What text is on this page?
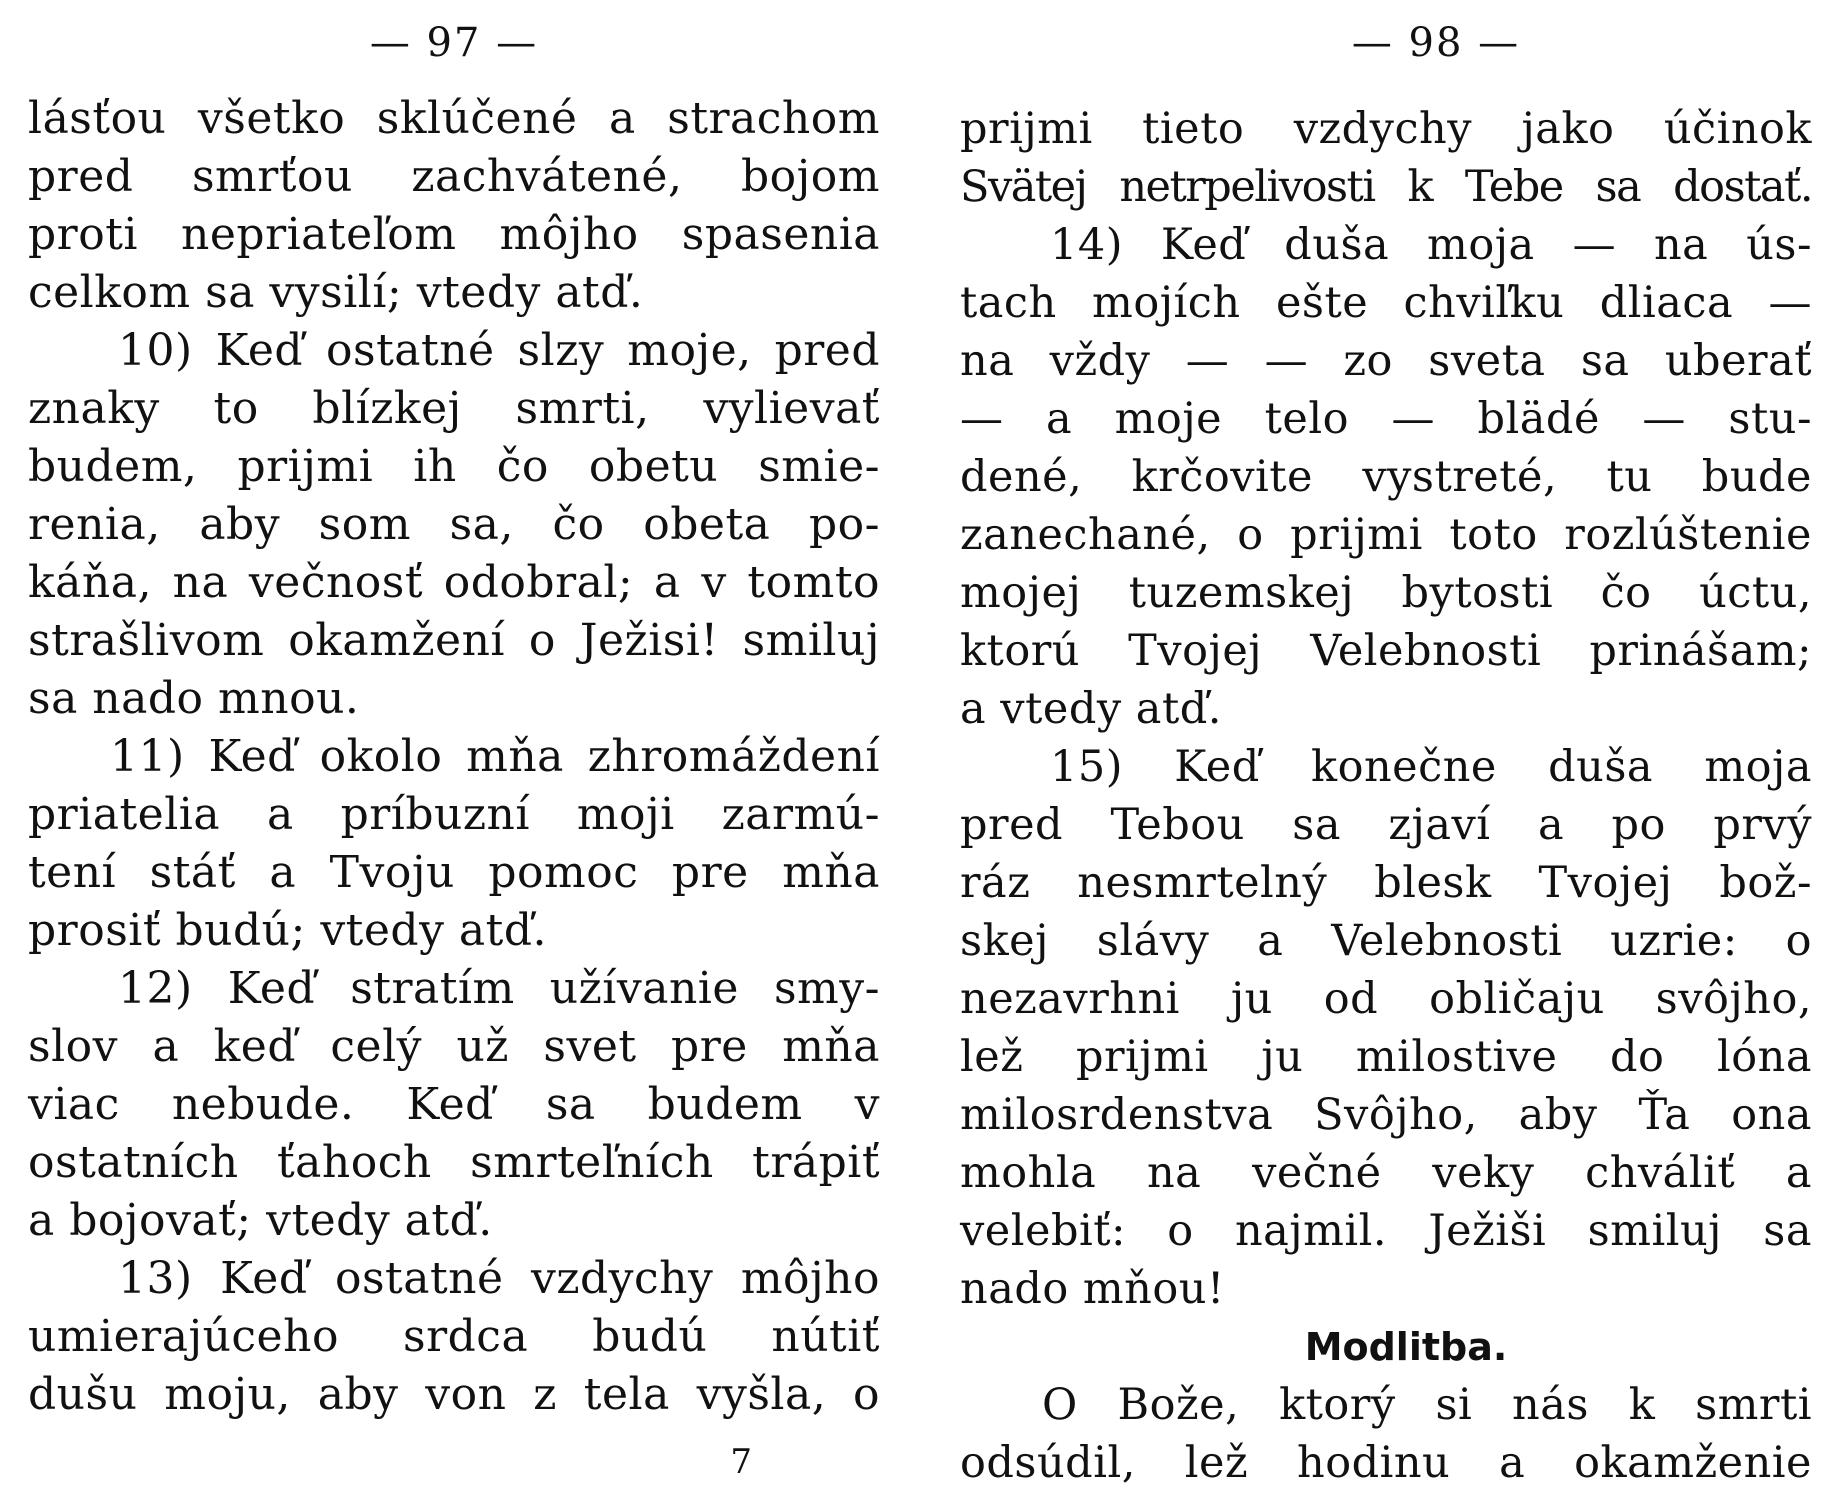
— 97 —
lásťou všetko sklúčené a strachom
pred smrťou zachvátené, bojom
proti nepriateľom môjho spasenia
celkom sa vysilí; vtedy atď.
10) Keď ostatné slzy moje, pred
znaky to blízkej smrti, vylievať
budem, prijmi ih čo obetu smie-
renia, aby som sa, čo obeta po-
káňa, na večnosť odobral; a v tomto
strašlivom okamžení o Ježisi! smiluj
sa nado mnou.
11) Keď okolo mňa zhromáždení
priatelia a príbuzní moji zarmú-
tení stáť a Tvoju pomoc pre mňa
prosiť budú; vtedy atď.
12) Keď stratím užívanie smy-
slov a keď celý už svet pre mňa
viac nebude. Keď sa budem v
ostatních ťahoch smrteľních trápiť
a bojovať; vtedy atď.
13) Keď ostatné vzdychy môjho
umierajúceho srdca budú nútiť
dušu moju, aby von z tela vyšla, o
7
— 98 —
prijmi tieto vzdychy jako účinok
Svätej netrpelivosti k Tebe sa dostať.
14) Keď duša moja — na ús-
tach mojích ešte chviľku dliaca —
na vždy — — zo sveta sa uberať
— a moje telo — blädé — stu-
dené, krčovite vystreté, tu bude
zanechané, o prijmi toto rozlúštenie
mojej tuzemskej bytosti čo úctu,
ktorú Tvojej Velebnosti prinášam;
a vtedy atď.
15) Keď konečne duša moja
pred Tebou sa zjaví a po prvý
ráz nesmrtelný blesk Tvojej bož-
skej slávy a Velebnosti uzrie: o
nezavrhni ju od obličaju svôjho,
lež prijmi ju milostive do lóna
milosrdenstva Svôjho, aby Ťa ona
mohla na večné veky chváliť a
velebiť: o najmil. Ježiši smiluj sa
nado mňou!
Modlitba.
O Bože, ktorý si nás k smrti
odsúdil, lež hodinu a okamženie
